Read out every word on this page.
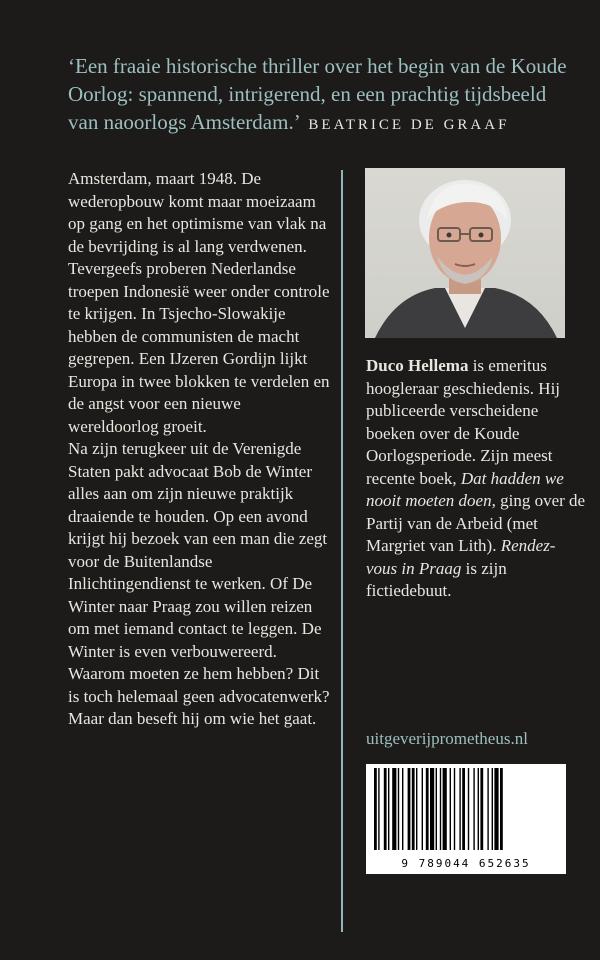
‘Een fraaie historische thriller over het begin van de Koude Oorlog: spannend, intrigerend, en een prachtig tijdsbeeld van naoorlogs Amsterdam.’ BEATRICE DE GRAAF

Amsterdam, maart 1948. De wederopbouw komt maar moeizaam op gang en het optimisme van vlak na de bevrijding is al lang verdwenen. Tevergeefs proberen Nederlandse troepen Indonesië weer onder controle te krijgen. In Tsjecho-Slowakije hebben de communisten de macht gegrepen. Een IJzeren Gordijn lijkt Europa in twee blokken te verdelen en de angst voor een nieuwe wereldoorlog groeit.

Na zijn terugkeer uit de Verenigde Staten pakt advocaat Bob de Winter alles aan om zijn nieuwe praktijk draaiende te houden. Op een avond krijgt hij bezoek van een man die zegt voor de Buitenlandse Inlichtingendienst te werken. Of De Winter naar Praag zou willen reizen om met iemand contact te leggen. De Winter is even verbouwereerd. Waarom moeten ze hem hebben? Dit is toch helemaal geen advocatenwerk? Maar dan beseft hij om wie het gaat.

Duco Hellema is emeritus hoogleraar geschiedenis. Hij publiceerde verscheidene boeken over de Koude Oorlogsperiode. Zijn meest recente boek, Dat hadden we nooit moeten doen, ging over de Partij van de Arbeid (met Margriet van Lith). Rendez-vous in Praag is zijn fictiedebuut.

uitgeverijprometheus.nl

9 789044 652635
